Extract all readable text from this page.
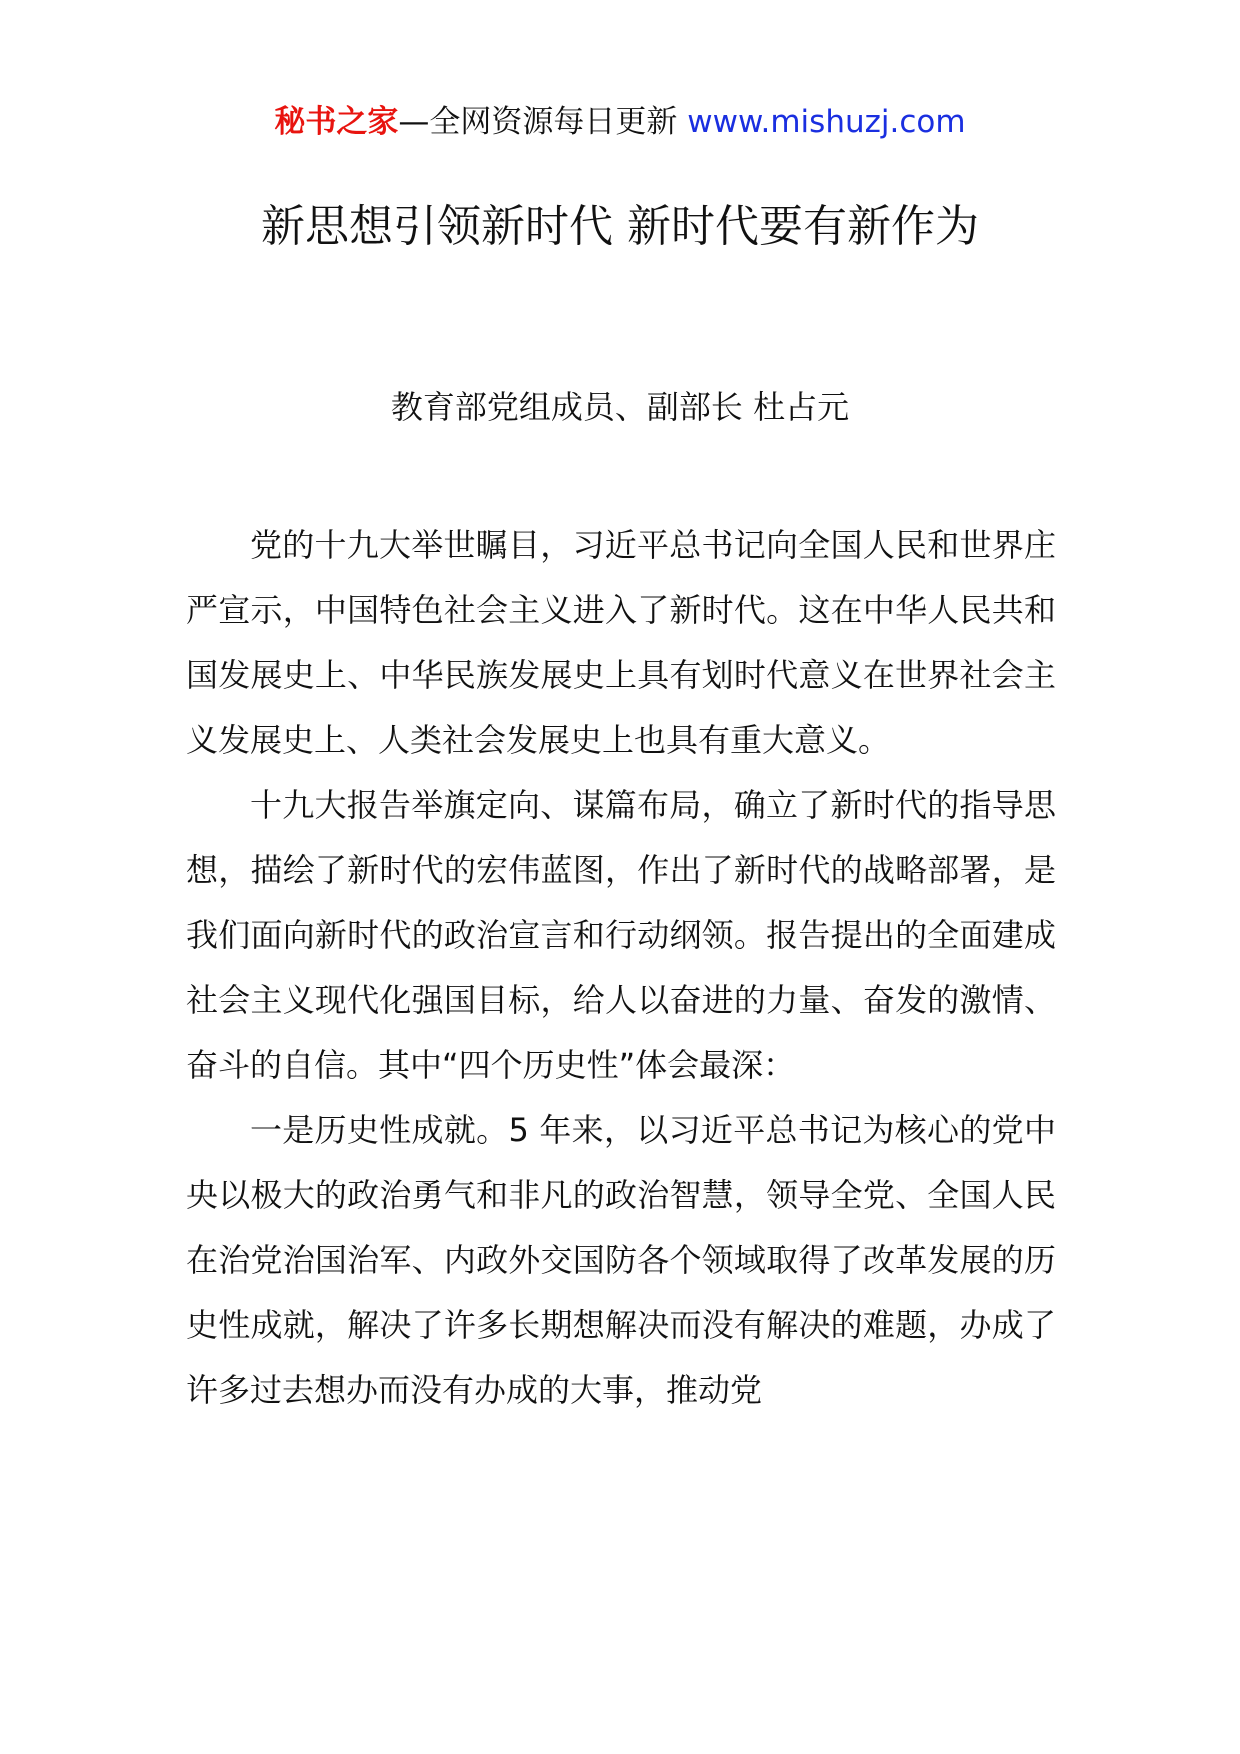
秘书之家—全网资源每日更新 www.mishuzj.com
新思想引领新时代 新时代要有新作为
教育部党组成员、副部长 杜占元

党的十九大举世瞩目，习近平总书记向全国人民和世界庄严宣示，中国特色社会主义进入了新时代。这在中华人民共和国发展史上、中华民族发展史上具有划时代意义在世界社会主义发展史上、人类社会发展史上也具有重大意义。

十九大报告举旗定向、谋篇布局，确立了新时代的指导思想，描绘了新时代的宏伟蓝图，作出了新时代的战略部署，是我们面向新时代的政治宣言和行动纲领。报告提出的全面建成社会主义现代化强国目标，给人以奋进的力量、奋发的激情、奋斗的自信。其中“四个历史性”体会最深：

一是历史性成就。5 年来，以习近平总书记为核心的党中央以极大的政治勇气和非凡的政治智慧，领导全党、全国人民在治党治国治军、内政外交国防各个领域取得了改革发展的历史性成就，解决了许多长期想解决而没有解决的难题，办成了许多过去想办而没有办成的大事，推动党
